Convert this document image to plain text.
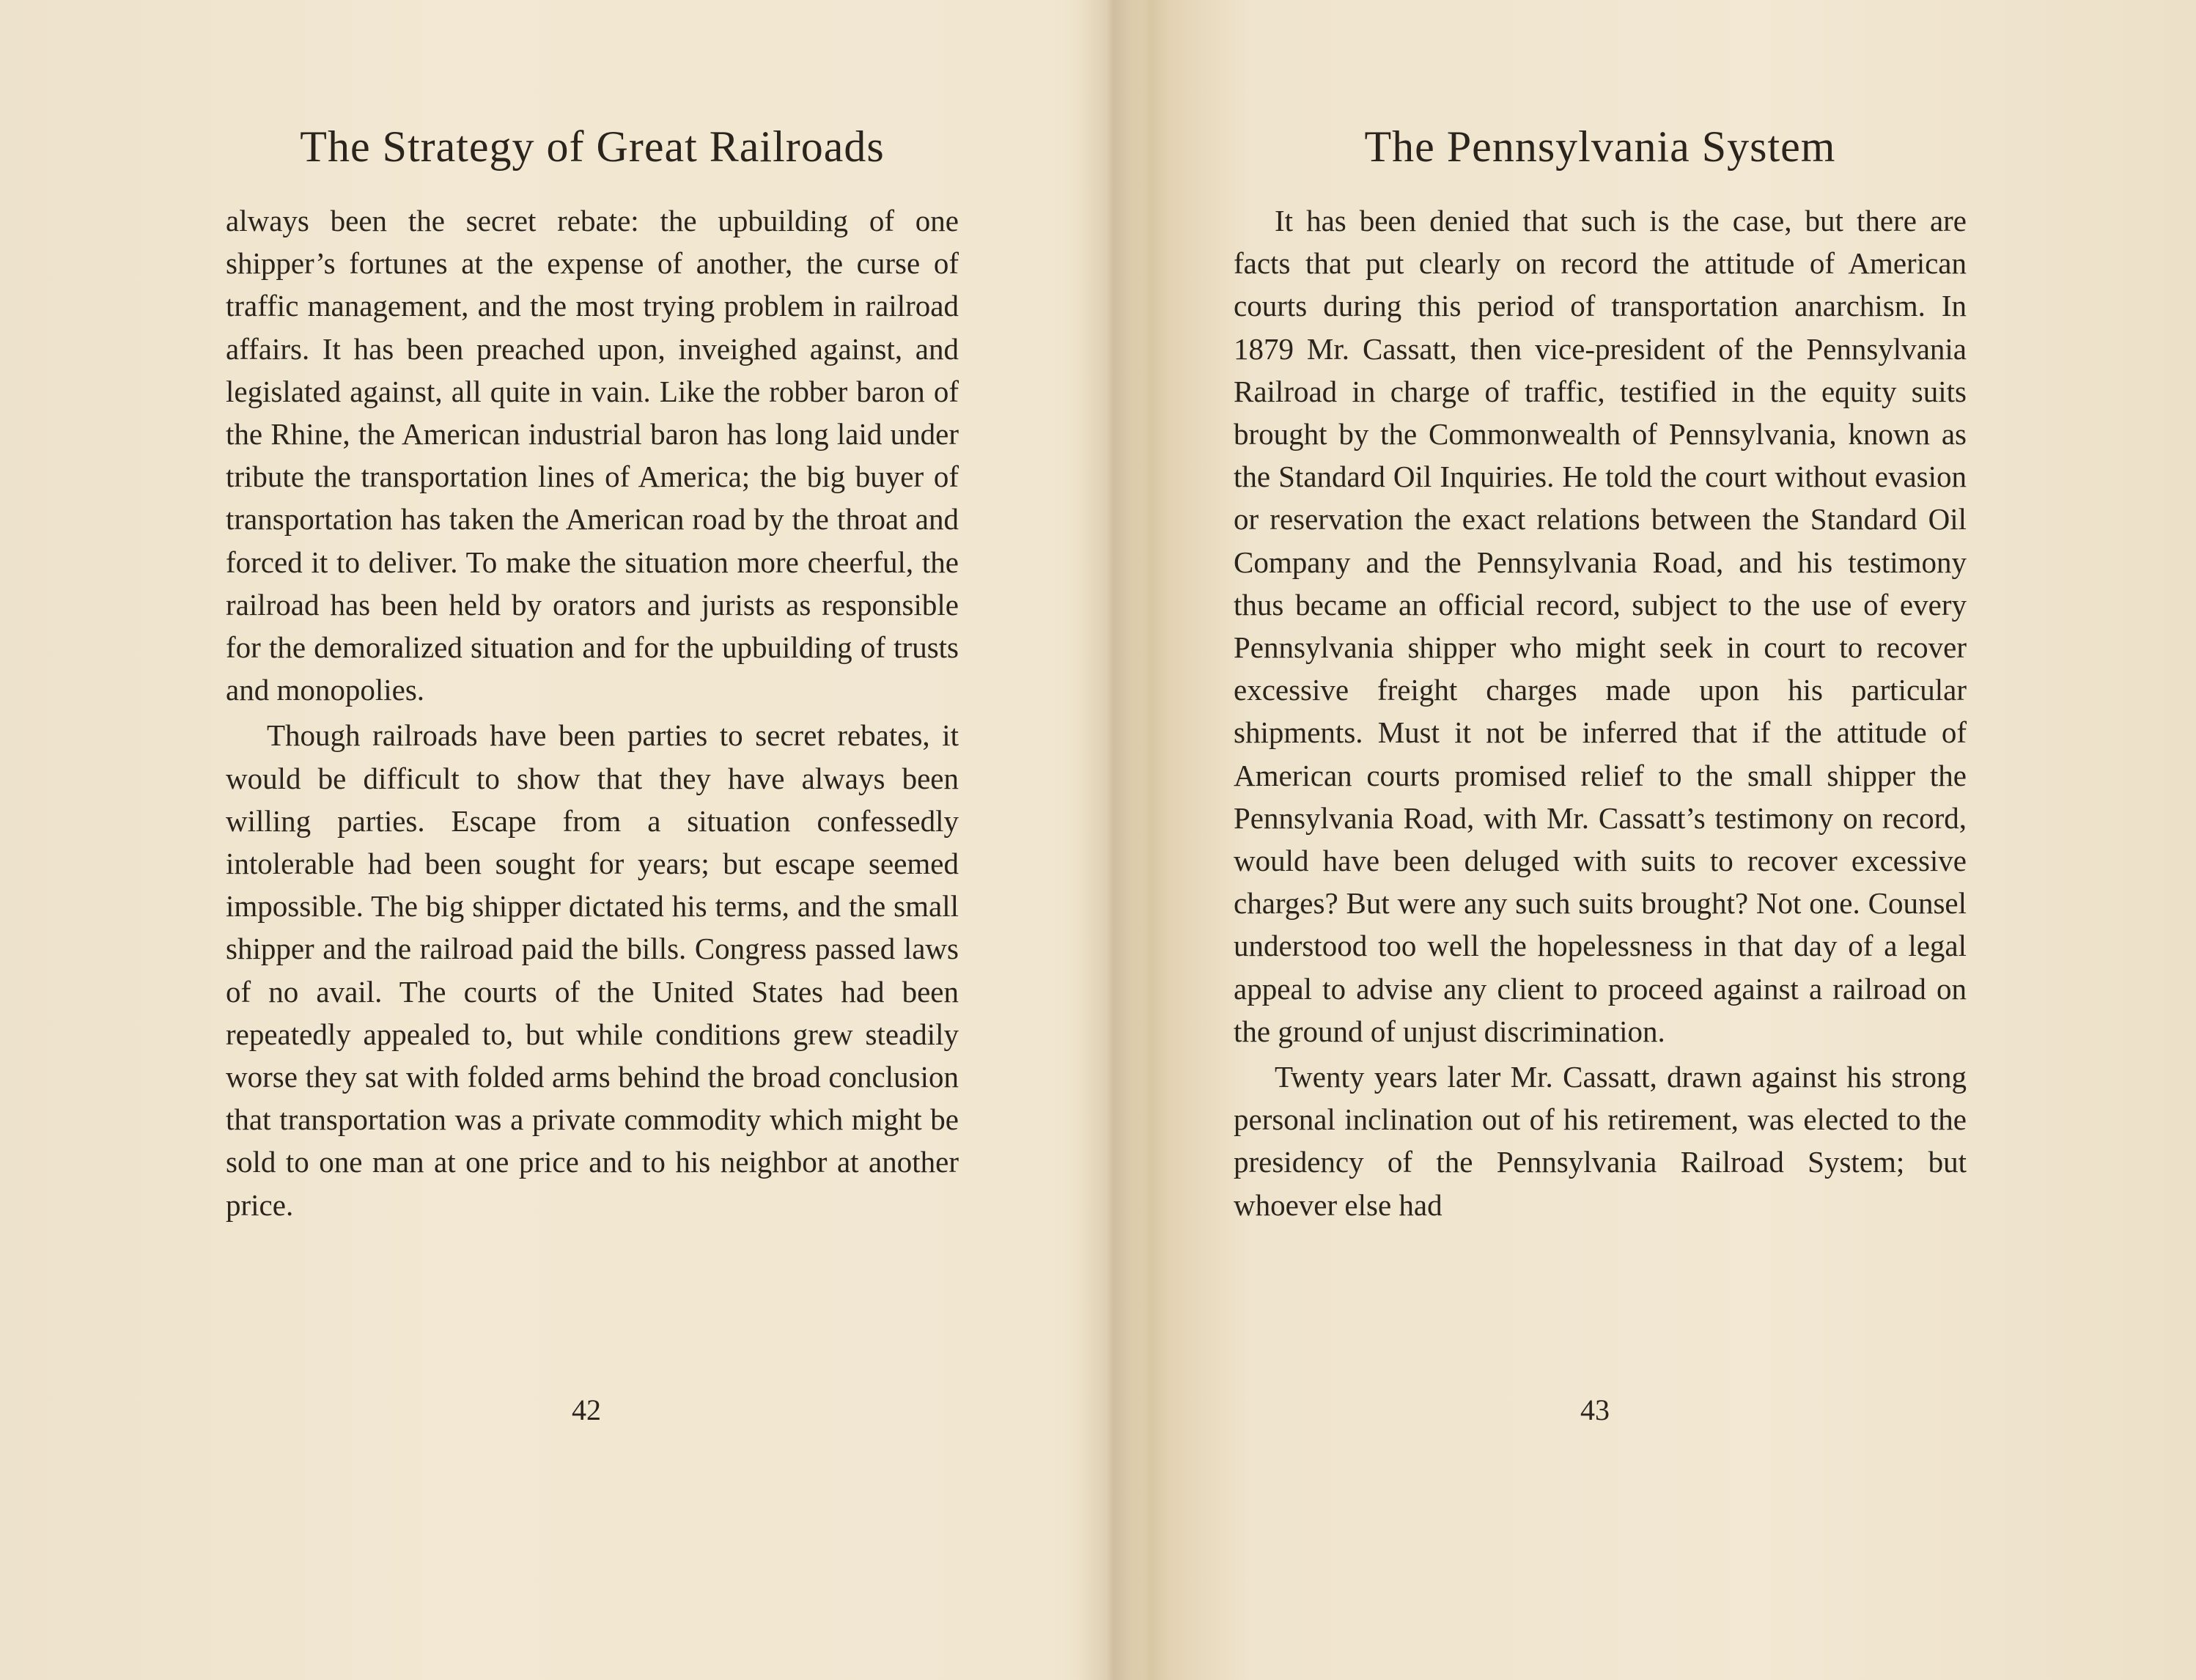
The Strategy of Great Railroads

always been the secret rebate: the upbuilding of one shipper’s fortunes at the expense of another, the curse of traffic management, and the most trying problem in railroad affairs. It has been preached upon, inveighed against, and legislated against, all quite in vain. Like the robber baron of the Rhine, the American industrial baron has long laid under tribute the transportation lines of America; the big buyer of transportation has taken the American road by the throat and forced it to deliver. To make the situation more cheerful, the railroad has been held by orators and jurists as responsible for the demoralized situation and for the upbuilding of trusts and monopolies.

Though railroads have been parties to secret rebates, it would be difficult to show that they have always been willing parties. Escape from a situation confessedly intolerable had been sought for years; but escape seemed impossible. The big shipper dictated his terms, and the small shipper and the railroad paid the bills. Congress passed laws of no avail. The courts of the United States had been repeatedly appealed to, but while conditions grew steadily worse they sat with folded arms behind the broad conclusion that transportation was a private commodity which might be sold to one man at one price and to his neighbor at another price.

42
The Pennsylvania System

It has been denied that such is the case, but there are facts that put clearly on record the attitude of American courts during this period of transportation anarchism. In 1879 Mr. Cassatt, then vice-president of the Pennsylvania Railroad in charge of traffic, testified in the equity suits brought by the Commonwealth of Pennsylvania, known as the Standard Oil Inquiries. He told the court without evasion or reservation the exact relations between the Standard Oil Company and the Pennsylvania Road, and his testimony thus became an official record, subject to the use of every Pennsylvania shipper who might seek in court to recover excessive freight charges made upon his particular shipments. Must it not be inferred that if the attitude of American courts promised relief to the small shipper the Pennsylvania Road, with Mr. Cassatt’s testimony on record, would have been deluged with suits to recover excessive charges? But were any such suits brought? Not one. Counsel understood too well the hopelessness in that day of a legal appeal to advise any client to proceed against a railroad on the ground of unjust discrimination.

Twenty years later Mr. Cassatt, drawn against his strong personal inclination out of his retirement, was elected to the presidency of the Pennsylvania Railroad System; but whoever else had

43
